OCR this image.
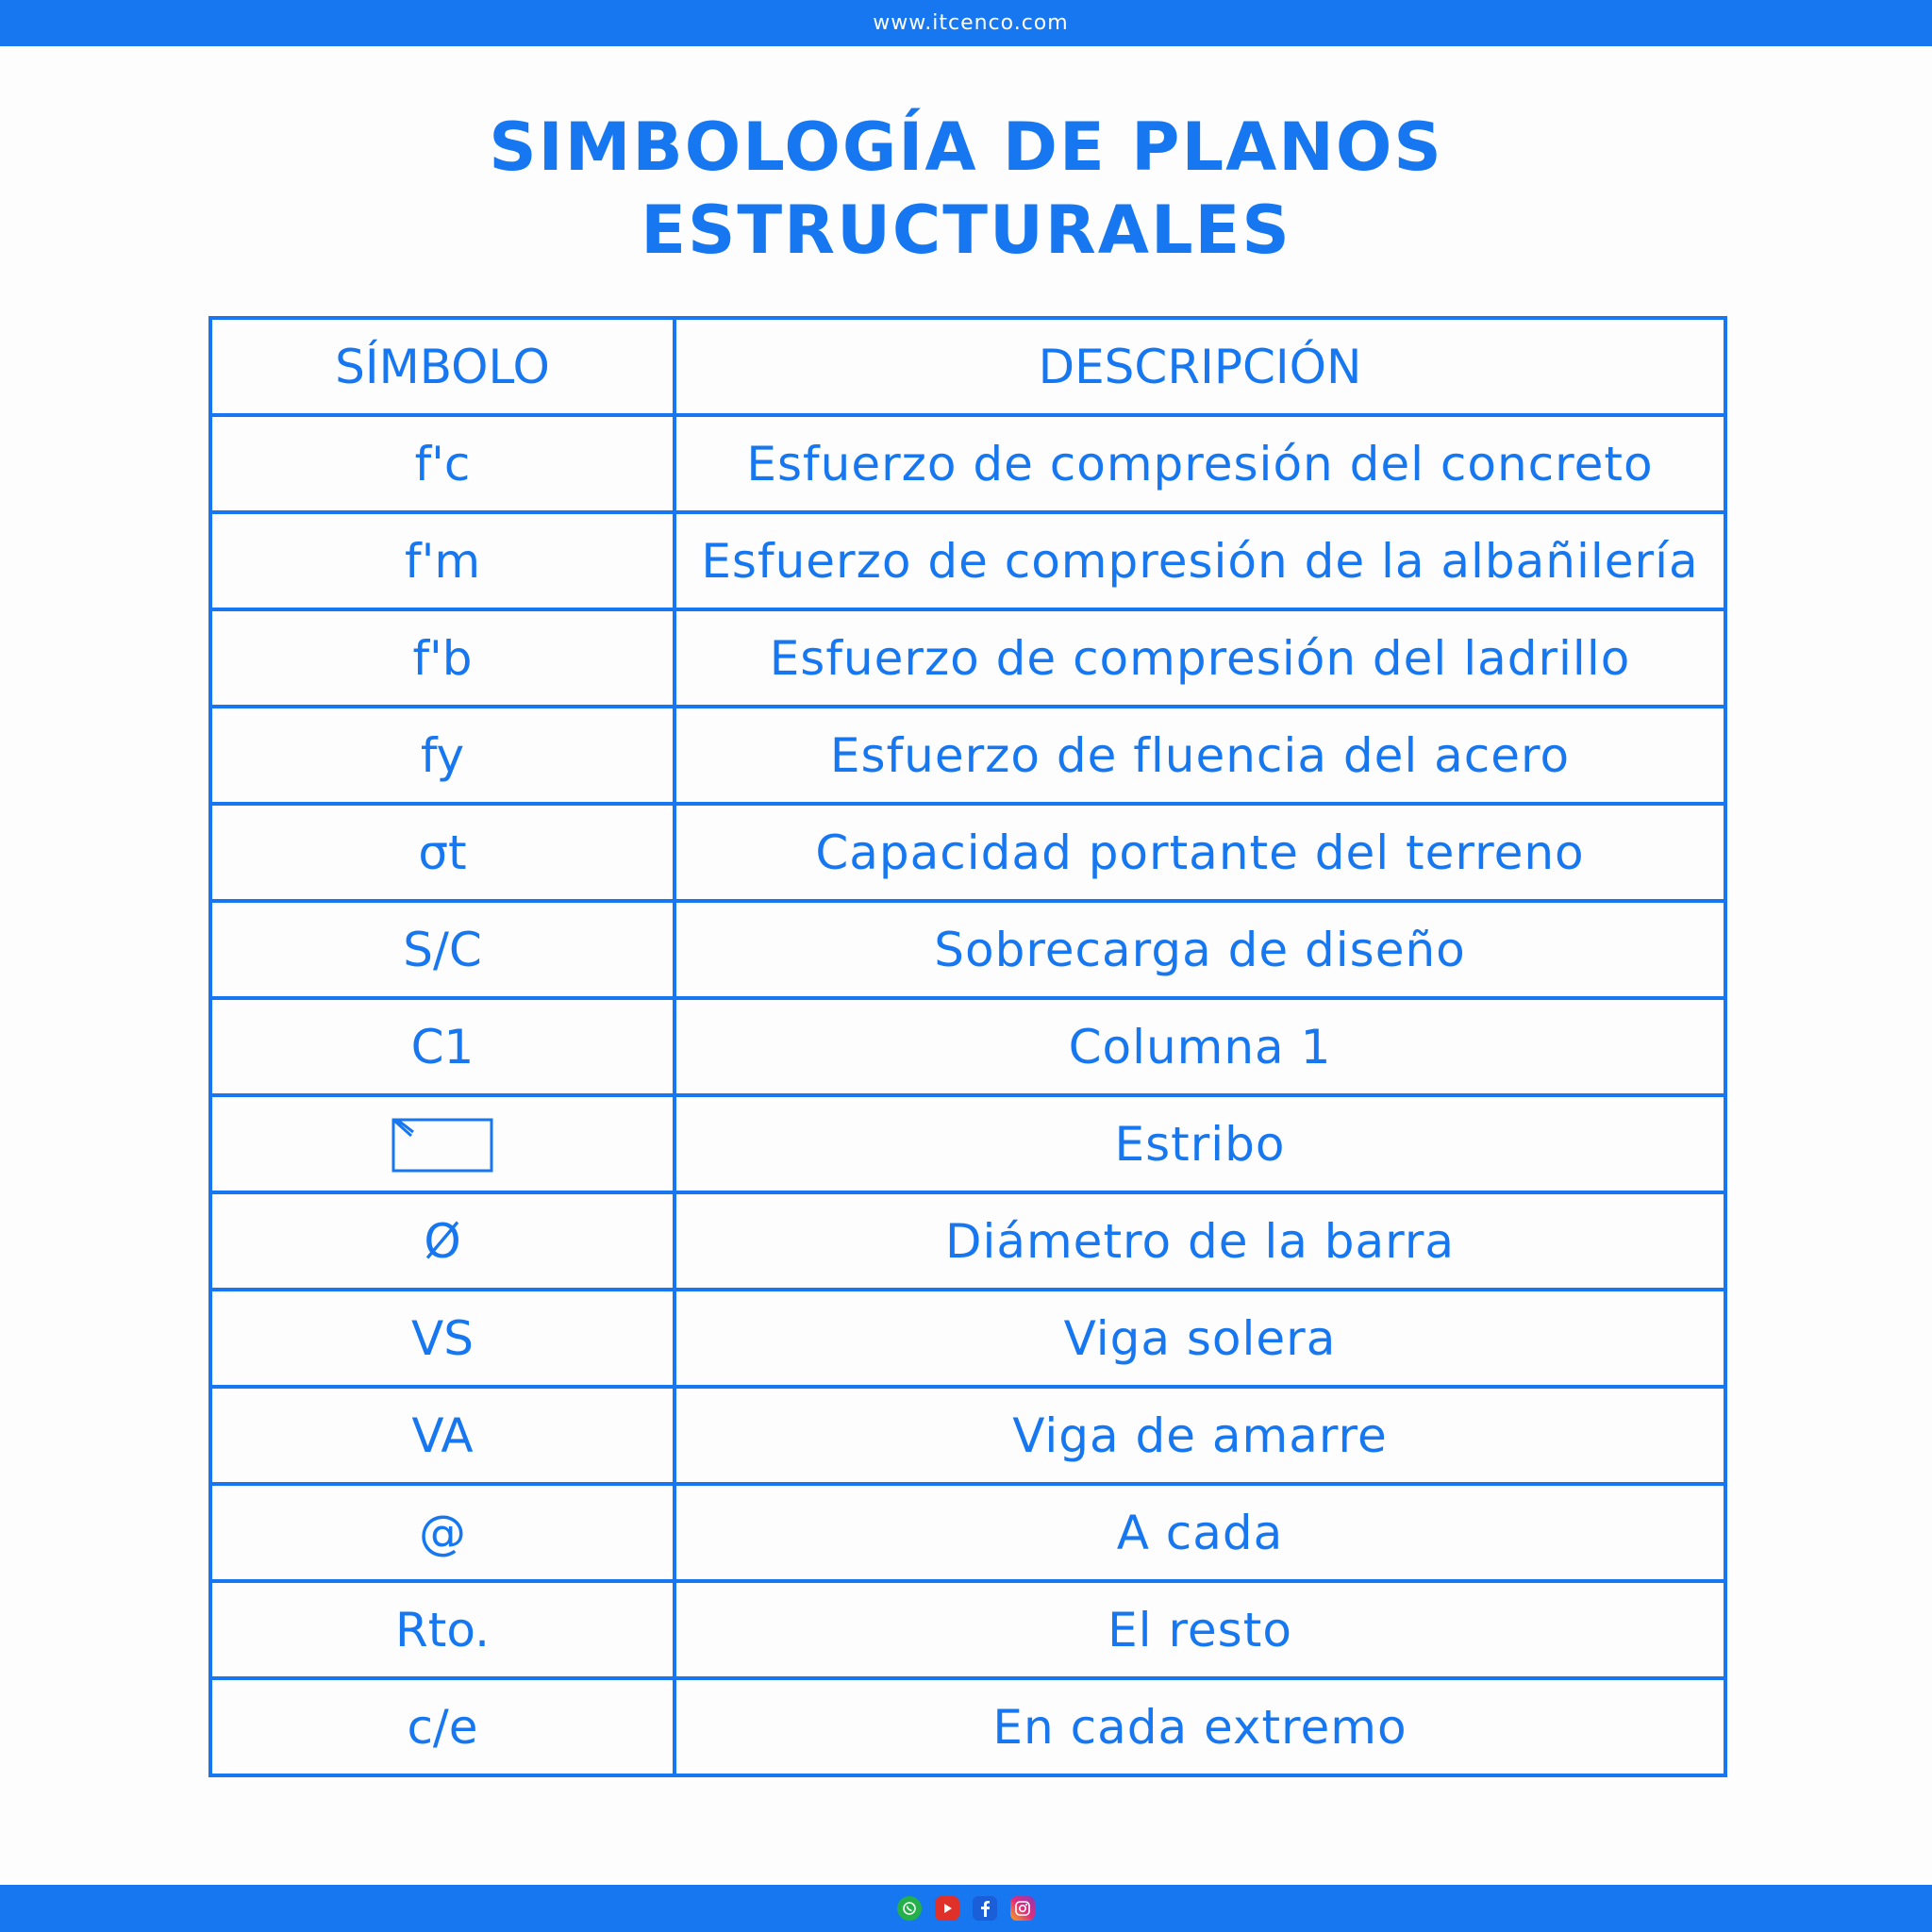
www.itcenco.com
SIMBOLOGÍA DE PLANOS
ESTRUCTURALES
SÍMBOLO	DESCRIPCIÓN
f'c	Esfuerzo de compresión del concreto
f'm	Esfuerzo de compresión de la albañilería
f'b	Esfuerzo de compresión del ladrillo
fy	Esfuerzo de fluencia del acero
σt	Capacidad portante del terreno
S/C	Sobrecarga de diseño
C1	Columna 1
	Estribo
Ø	Diámetro de la barra
VS	Viga solera
VA	Viga de amarre
@	A cada
Rto.	El resto
c/e	En cada extremo
